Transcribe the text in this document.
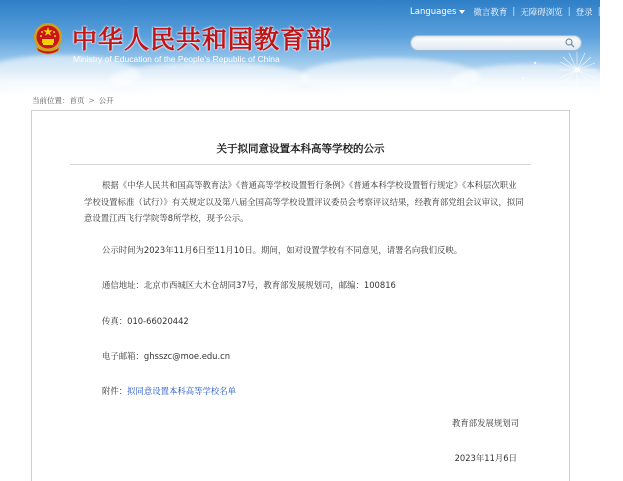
中华人民共和国教育部
Ministry of Education of the People's Republic of China
Languages 微言教育 | 无障碍浏览 | 登录 | 注册
当前位置：首页 > 公开
关于拟同意设置本科高等学校的公示
根据《中华人民共和国高等教育法》《普通高等学校设置暂行条例》《普通本科学校设置暂行规定》《本科层次职业学校设置标准（试行）》有关规定以及第八届全国高等学校设置评议委员会考察评议结果，经教育部党组会议审议，拟同意设置江西飞行学院等8所学校，现予公示。
公示时间为2023年11月6日至11月10日。期间，如对设置学校有不同意见，请署名向我们反映。
通信地址：北京市西城区大木仓胡同37号，教育部发展规划司，邮编：100816
传真：010-66020442
电子邮箱：ghsszc@moe.edu.cn
附件：拟同意设置本科高等学校名单
教育部发展规划司
2023年11月6日
